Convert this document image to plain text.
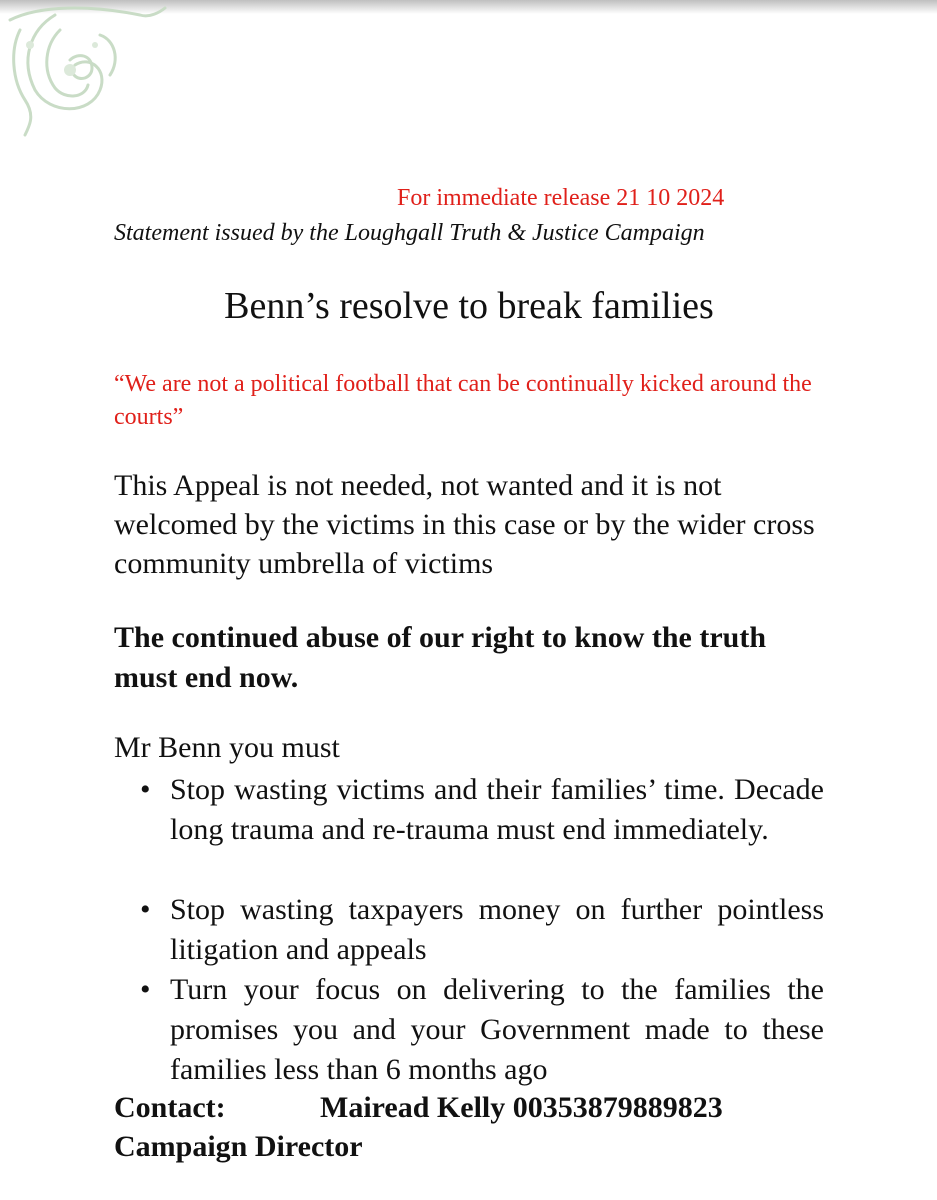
For immediate release 21 10 2024
Statement issued by the Loughgall Truth & Justice Campaign
Benn’s resolve to break families
“We are not a political football that can be continually kicked around the courts”
This Appeal is not needed, not wanted and it is not welcomed by the victims in this case or by the wider cross community umbrella of victims
The continued abuse of our right to know the truth must end now.
Mr Benn you must
• Stop wasting victims and their families’ time. Decade long trauma and re-trauma must end immediately.
• Stop wasting taxpayers money on further pointless litigation and appeals
• Turn your focus on delivering to the families the promises you and your Government made to these families less than 6 months ago
Contact:	Mairead Kelly 00353879889823
Campaign Director
